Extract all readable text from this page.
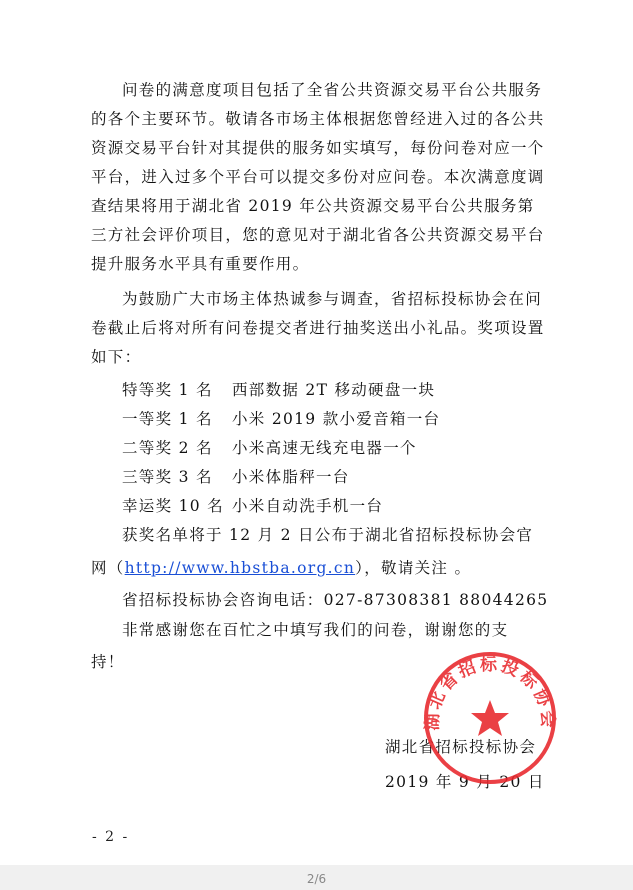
问卷的满意度项目包括了全省公共资源交易平台公共服务的各个主要环节。敬请各市场主体根据您曾经进入过的各公共资源交易平台针对其提供的服务如实填写，每份问卷对应一个平台，进入过多个平台可以提交多份对应问卷。本次满意度调查结果将用于湖北省 2019 年公共资源交易平台公共服务第三方社会评价项目，您的意见对于湖北省各公共资源交易平台提升服务水平具有重要作用。
为鼓励广大市场主体热诚参与调查，省招标投标协会在问卷截止后将对所有问卷提交者进行抽奖送出小礼品。奖项设置如下：
特等奖 1 名 西部数据 2T 移动硬盘一块
一等奖 1 名 小米 2019 款小爱音箱一台
二等奖 2 名 小米高速无线充电器一个
三等奖 3 名 小米体脂秤一台
幸运奖 10 名 小米自动洗手机一台
获奖名单将于 12 月 2 日公布于湖北省招标投标协会官
网（http://www.hbstba.org.cn），敬请关注 。
省招标投标协会咨询电话：027-87308381 88044265
非常感谢您在百忙之中填写我们的问卷，谢谢您的支
持！
湖北省招标投标协会
2019 年 9 月 20 日
湖北省招标投标协会
- 2 -
2/6
